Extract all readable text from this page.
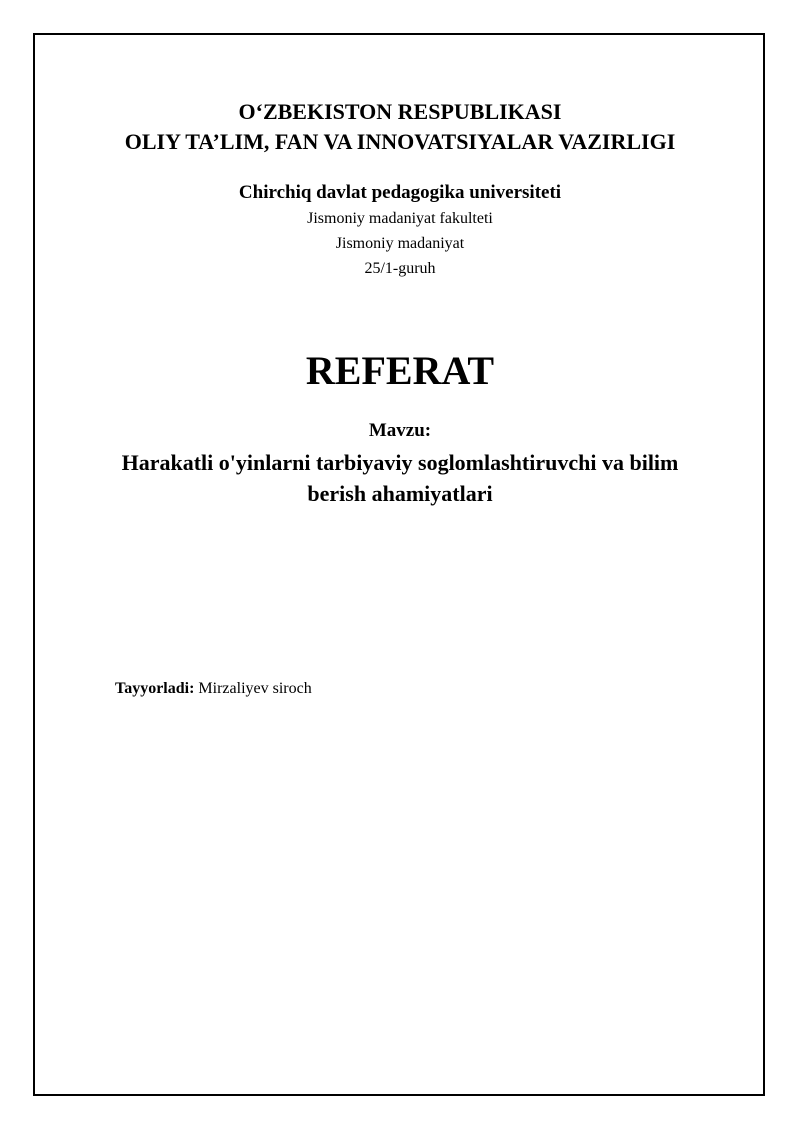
O‘ZBEKISTON RESPUBLIKASI
OLIY TA’LIM, FAN VA INNOVATSIYALAR VAZIRLIGI
Chirchiq davlat pedagogika universiteti
Jismoniy madaniyat fakulteti
Jismoniy madaniyat
25/1-guruh
REFERAT
Mavzu:
Harakatli o'yinlarni tarbiyaviy soglomlashtiruvchi va bilim
berish ahamiyatlari
Tayyorladi: Mirzaliyev siroch
